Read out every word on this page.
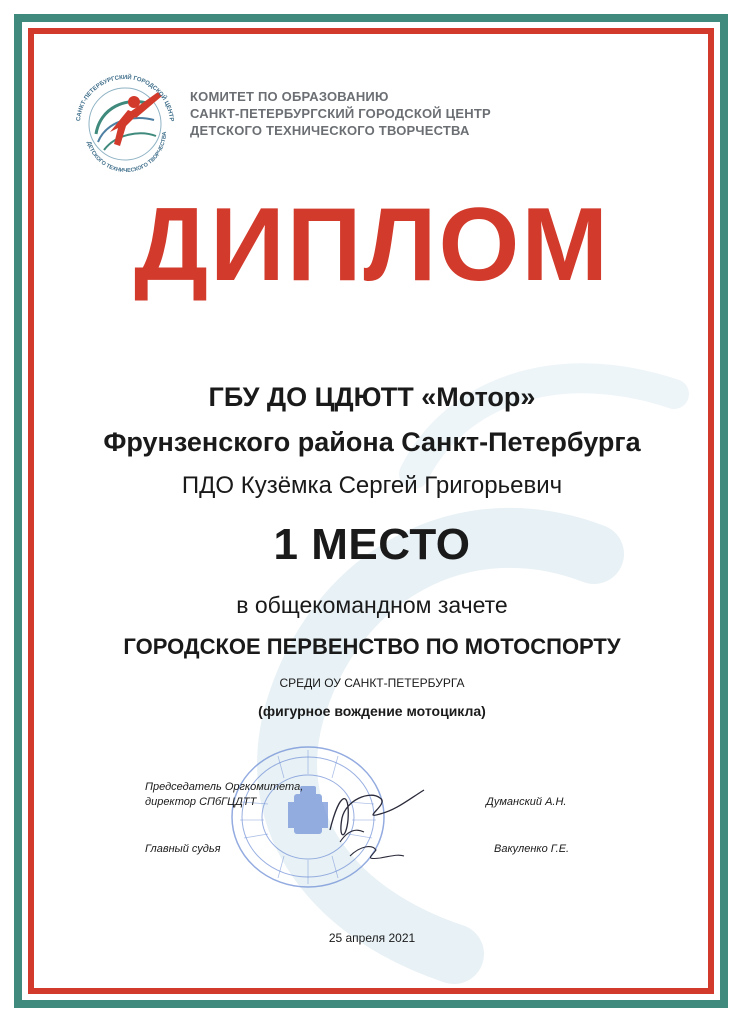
САНКТ-ПЕТЕРБУРГСКИЙ ГОРОДСКОЙ ЦЕНТР
ДЕТСКОГО ТЕХНИЧЕСКОГО ТВОРЧЕСТВА
КОМИТЕТ ПО ОБРАЗОВАНИЮ
САНКТ-ПЕТЕРБУРГСКИЙ ГОРОДСКОЙ ЦЕНТР
ДЕТСКОГО ТЕХНИЧЕСКОГО ТВОРЧЕСТВА
ДИПЛОМ
ГБУ ДО ЦДЮТТ «Мотор»
Фрунзенского района Санкт-Петербурга
ПДО Кузёмка Сергей Григорьевич
1 МЕСТО
в общекомандном зачете
ГОРОДСКОЕ ПЕРВЕНСТВО ПО МОТОСПОРТУ
СРЕДИ ОУ САНКТ-ПЕТЕРБУРГА
(фигурное вождение мотоцикла)
Председатель Оргкомитета,
директор СПбГЦДТТ
Главный судья
Думанский А.Н.
Вакуленко Г.Е.
25 апреля 2021
